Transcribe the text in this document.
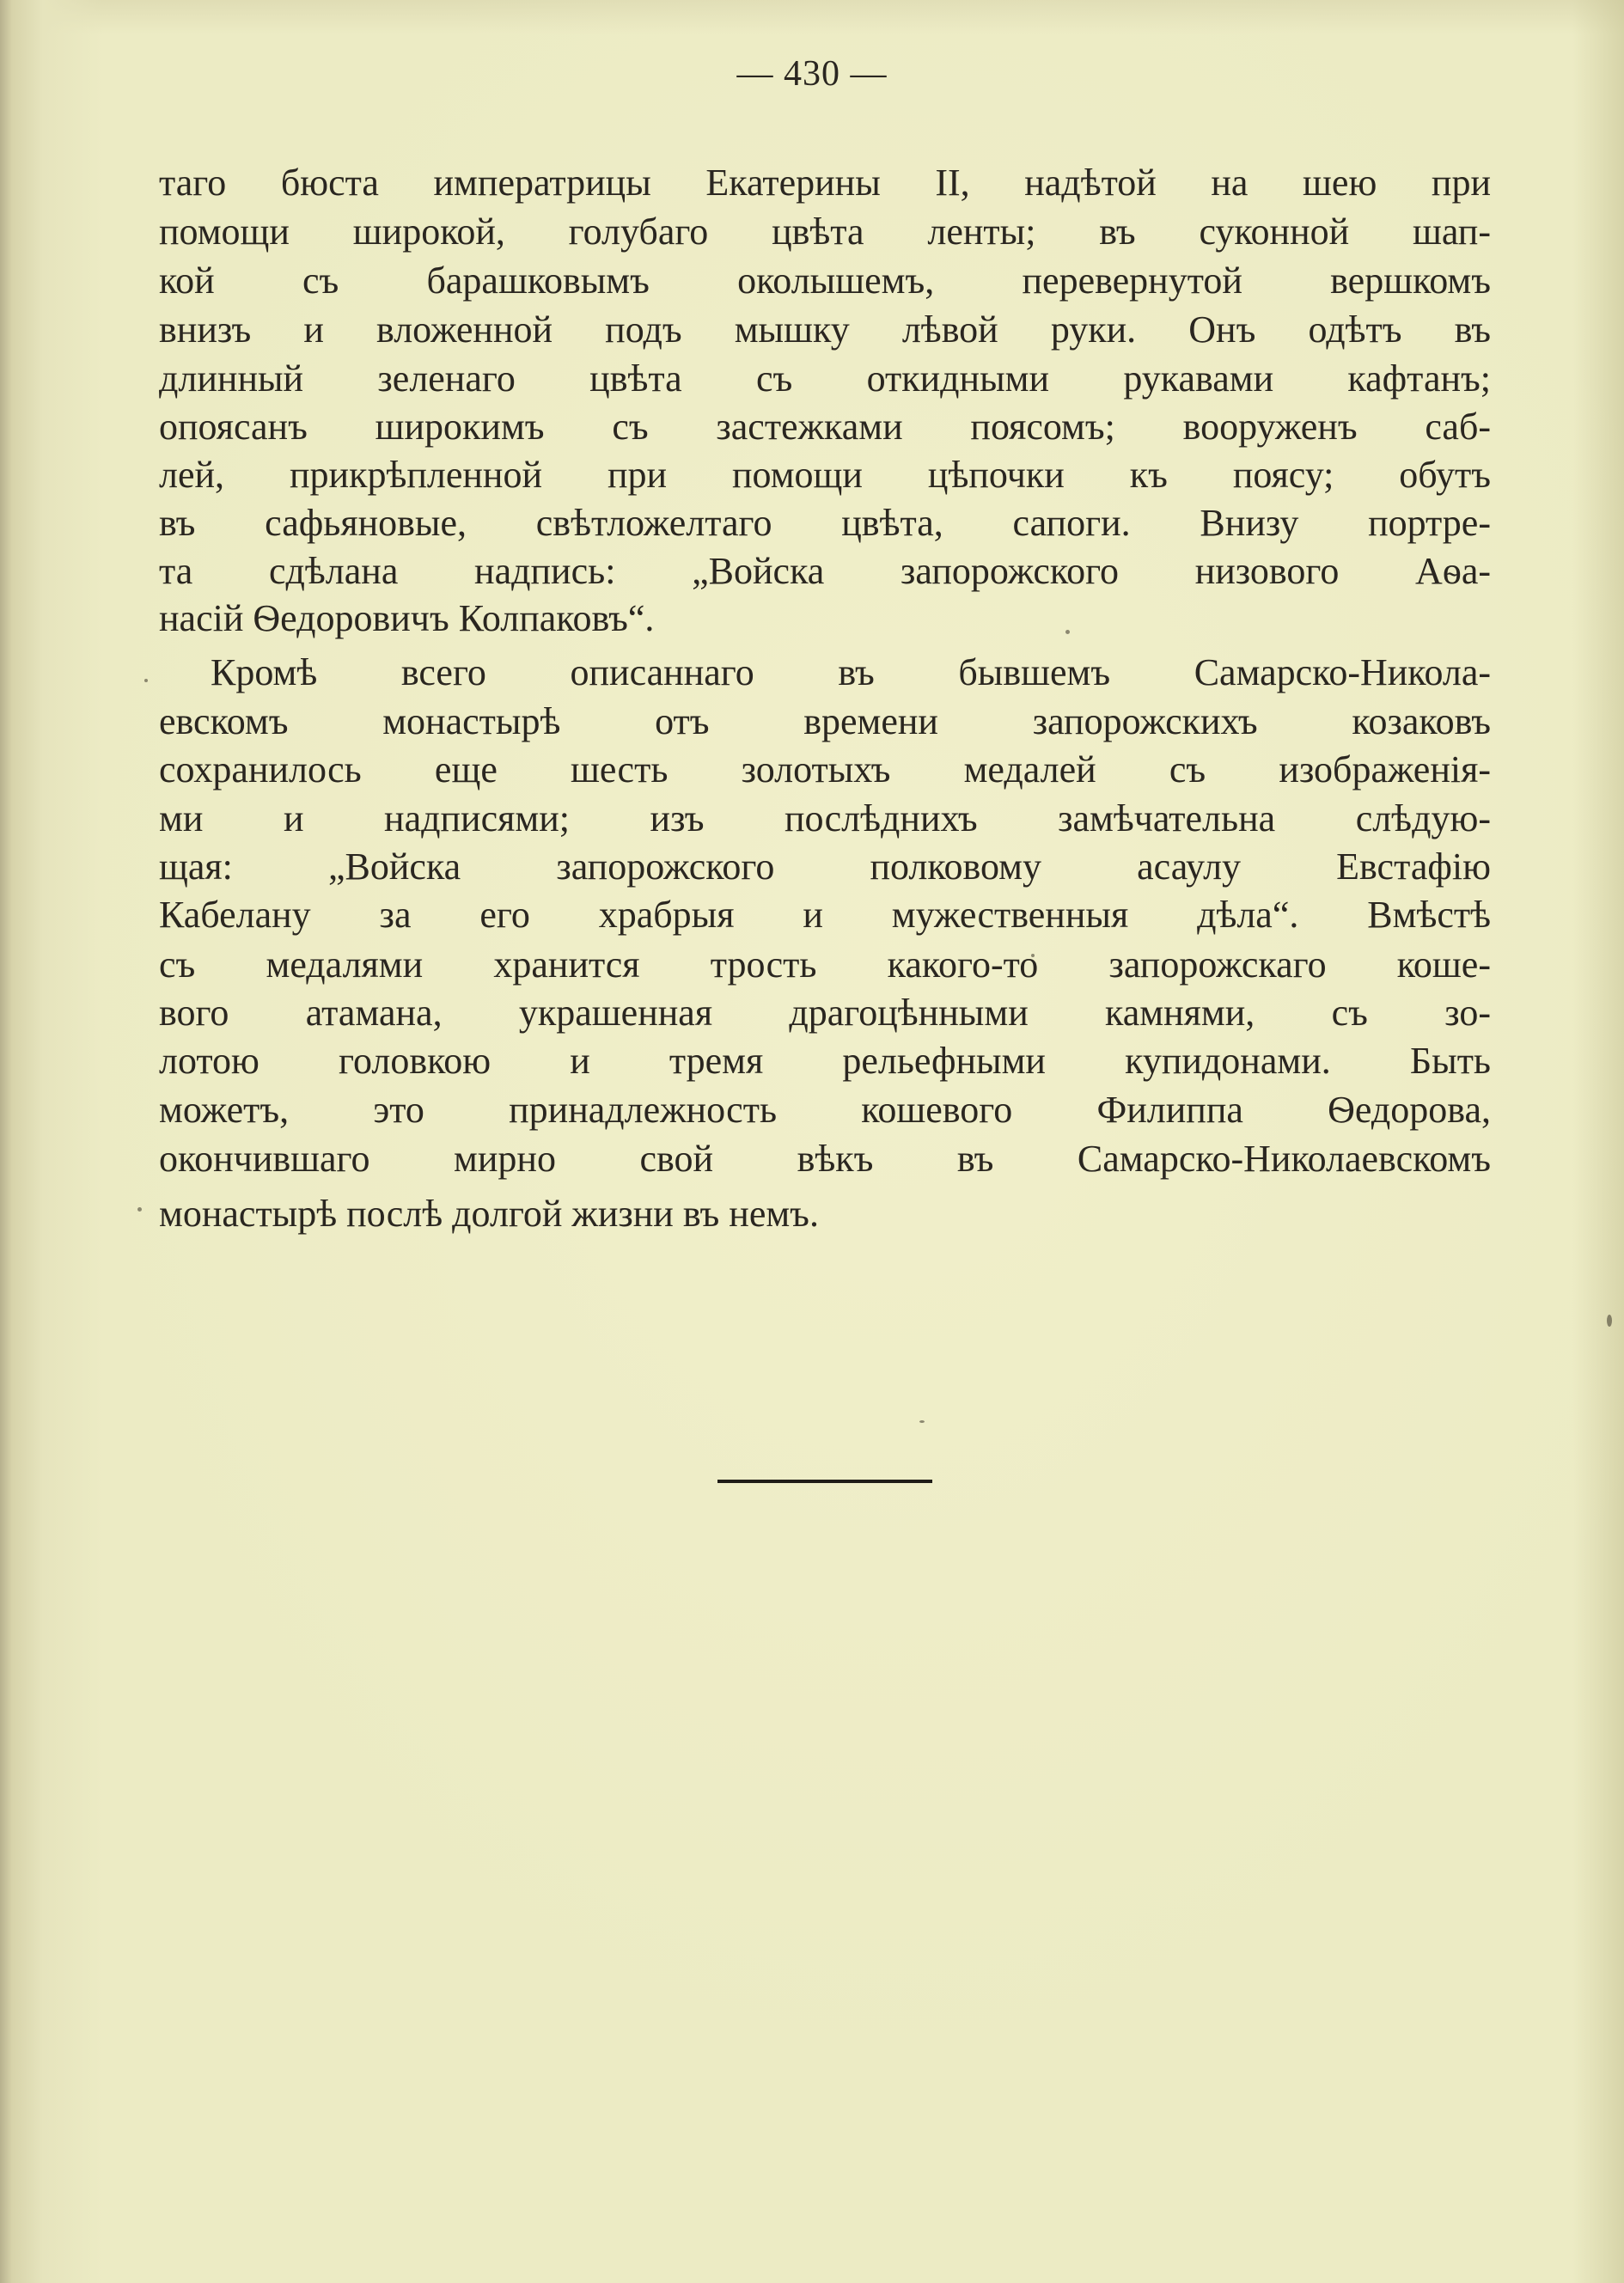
— 430 —
таго бюста императрицы Екатерины II, надѣтой на шею при
помощи широкой, голубаго цвѣта ленты; въ суконной шап-
кой съ барашковымъ околышемъ, перевернутой вершкомъ
внизъ и вложенной подъ мышку лѣвой руки. Онъ одѣтъ въ
длинный зеленаго цвѣта съ откидными рукавами кафтанъ;
опоясанъ широкимъ съ застежками поясомъ; вооруженъ саб-
лей, прикрѣпленной при помощи цѣпочки къ поясу; обутъ
въ сафьяновые, свѣтложелтаго цвѣта, сапоги. Внизу портре-
та сдѣлана надпись: „Войска запорожского низового Аѳа-
насій Ѳедоровичъ Колпаковъ“.
Кромѣ всего описаннаго въ бывшемъ Самарско-Никола-
евскомъ монастырѣ отъ времени запорожскихъ козаковъ
сохранилось еще шесть золотыхъ медалей съ изображенія-
ми и надписями; изъ послѣднихъ замѣчательна слѣдую-
щая: „Войска запорожского полковому асаулу Евстафію
Кабелану за его храбрыя и мужественныя дѣла“. Вмѣстѣ
съ медалями хранится трость какого-то запорожскаго коше-
вого атамана, украшенная драгоцѣнными камнями, съ зо-
лотою головкою и тремя рельефными купидонами. Быть
можетъ, это принадлежность кошевого Филиппа Ѳедорова,
окончившаго мирно свой вѣкъ въ Самарско-Николаевскомъ
монастырѣ послѣ долгой жизни въ немъ.
